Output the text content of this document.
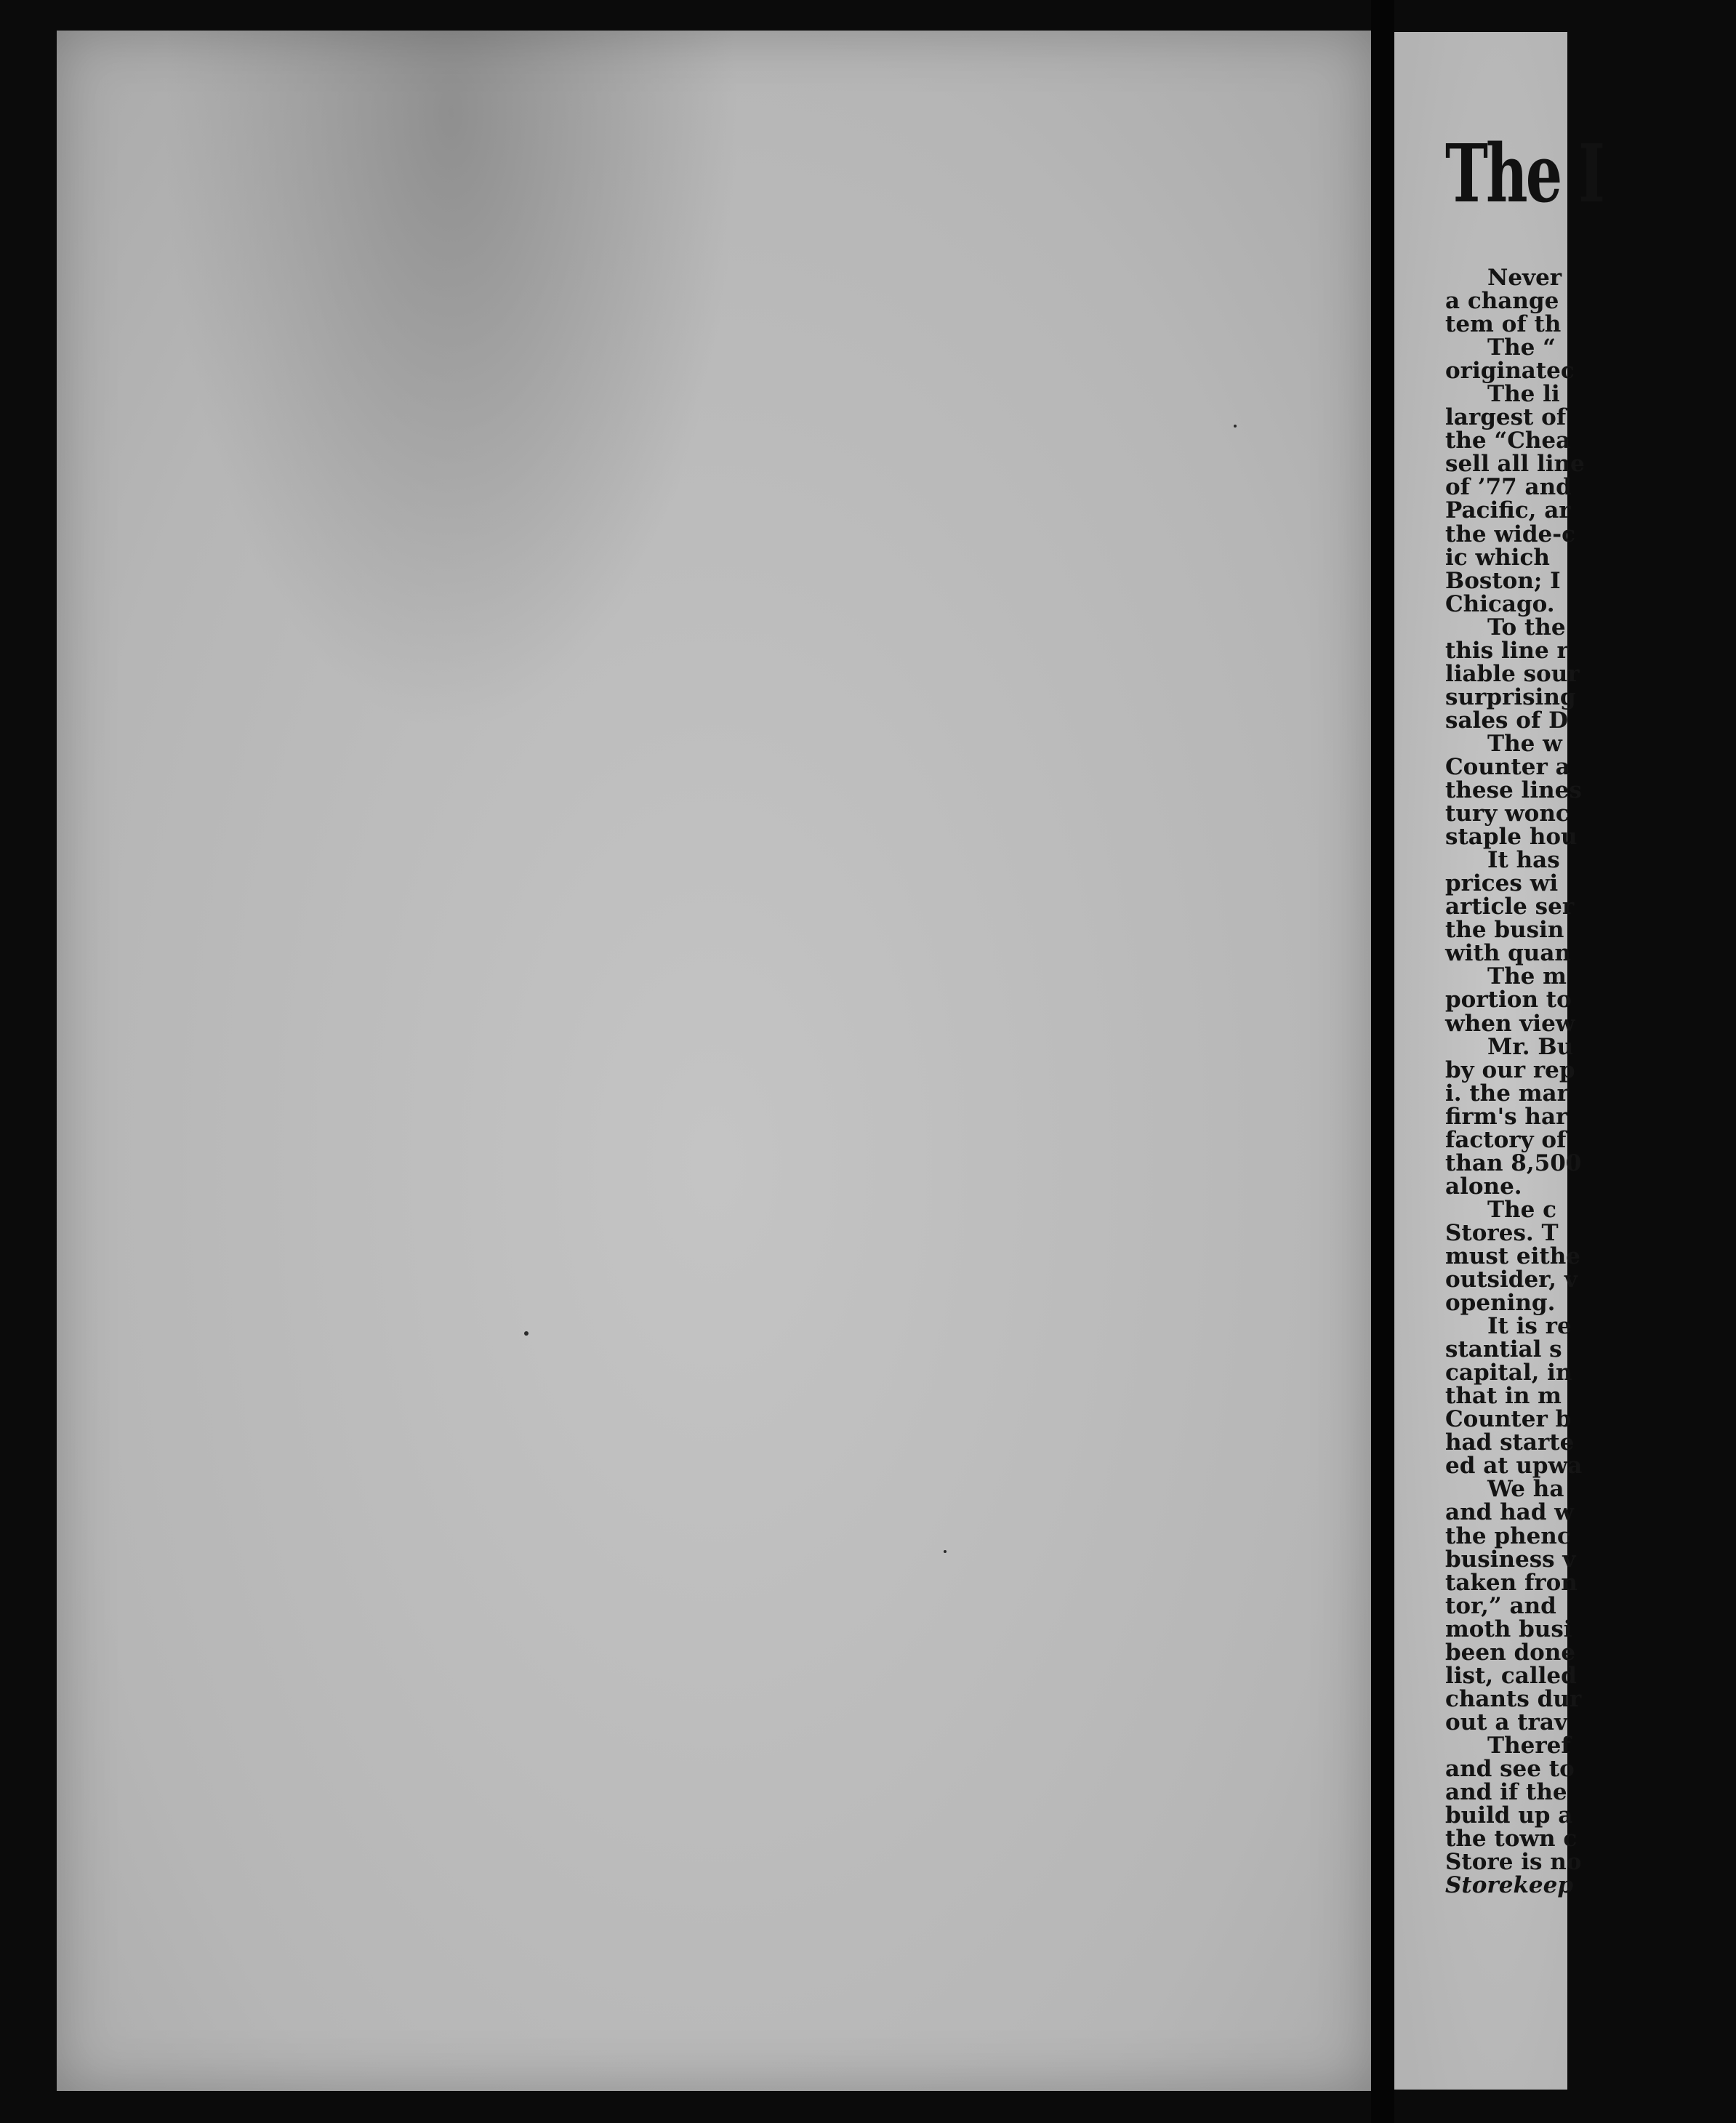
The I
Never
a change
tem of th
The “
originatec
The li
largest of
the “Chea
sell all line
of ’77 and
Pacific, ar
the wide-c
ic which
Boston; I
Chicago.
To the
this line r
liable sour
surprising
sales of D
The w
Counter a
these lines
tury wonc
staple hou
It has
prices wi
article ser
the busin
with quan
The m
portion to
when view
Mr. Bu
by our rep
i. the mar
firm's har
factory of
than 8,500
alone.
The c
Stores. T
must eithe
outsider, v
opening.
It is re
stantial s
capital, in
that in m
Counter b
had starte
ed at upwa
We ha
and had w
the phenc
business v
taken fron
tor,” and
moth busi
been done
list, called
chants dur
out a trav
Theref
and see to
and if the
build up a
the town c
Store is no
Storekeep
